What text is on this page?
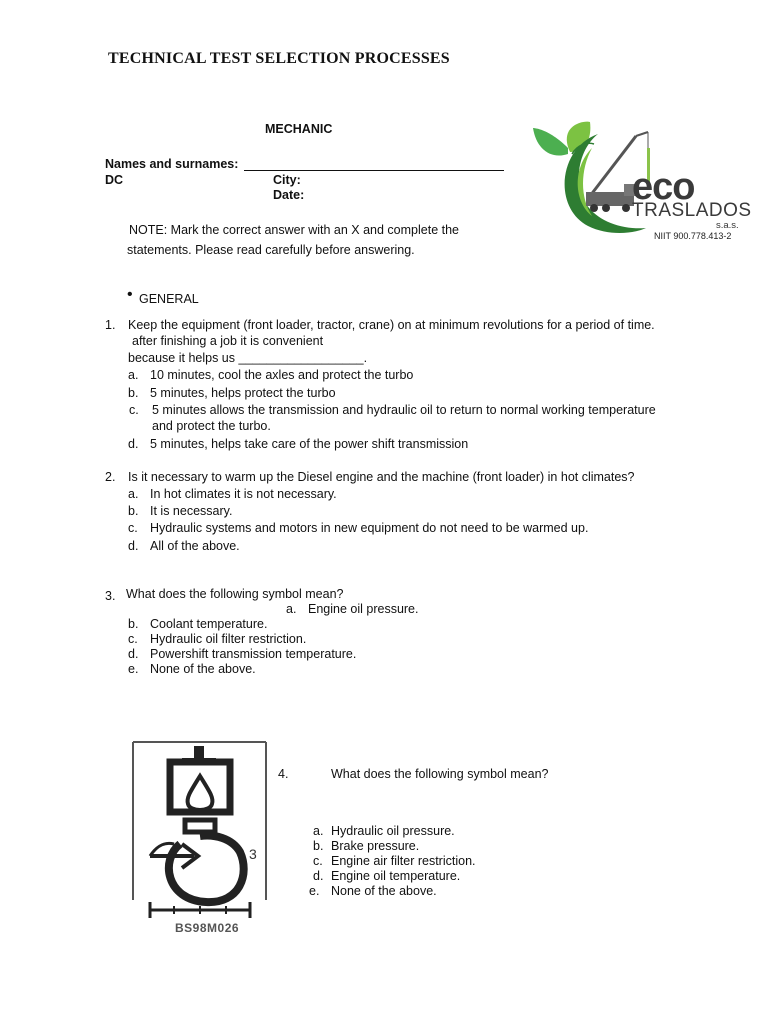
TECHNICAL TEST SELECTION PROCESSES
MECHANIC
Names and surnames:
DC	City:
Date:	eco
TRASLADOS
s.a.s.
NIIT 900.778.413-2
NOTE: Mark the correct answer with an X and complete the
statements. Please read carefully before answering.
• GENERAL
1. Keep the equipment (front loader, tractor, crane) on at minimum revolutions for a period of time.
after finishing a job it is convenient
because it helps us __________________.
a. 10 minutes, cool the axles and protect the turbo
b. 5 minutes, helps protect the turbo
c. 5 minutes allows the transmission and hydraulic oil to return to normal working temperature
and protect the turbo.
d. 5 minutes, helps take care of the power shift transmission
2. Is it necessary to warm up the Diesel engine and the machine (front loader) in hot climates?
a. In hot climates it is not necessary.
b. It is necessary.
c. Hydraulic systems and motors in new equipment do not need to be warmed up.
d. All of the above.
3. What does the following symbol mean?
a. Engine oil pressure.
b. Coolant temperature.
c. Hydraulic oil filter restriction.
d. Powershift transmission temperature.
e. None of the above.
3
BS98M026
4.	What does the following symbol mean?
a. Hydraulic oil pressure.
b. Brake pressure.
c. Engine air filter restriction.
d. Engine oil temperature.
e. None of the above.
